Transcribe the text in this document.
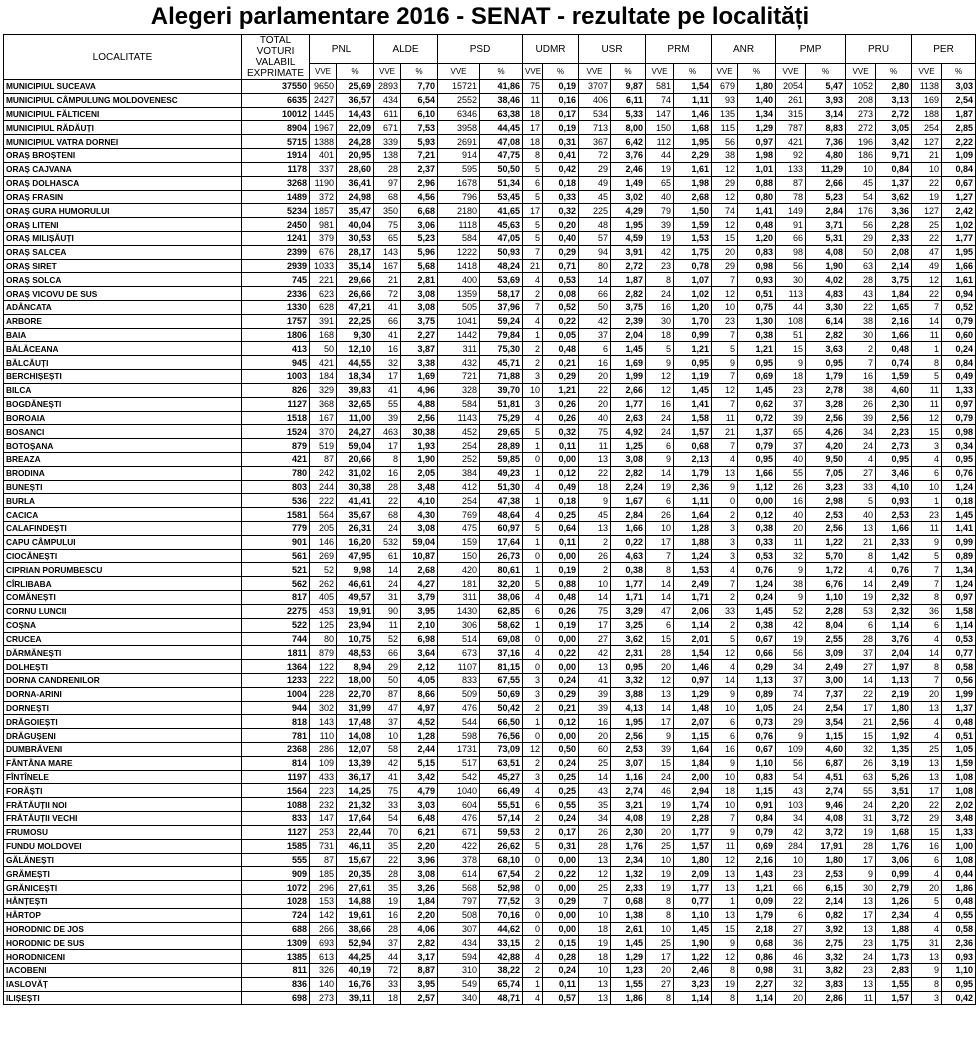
Alegeri parlamentare 2016 - SENAT - rezultate pe localități
LOCALITATE	TOTAL
VOTURI
VALABIL
EXPRIMATE	PNL		ALDE		PSD		UDMR		USR		PRM		ANR		PMP		PRU		PER	
		VVE	%	VVE	%	VVE	%	VVE	%	VVE	%	VVE	%	VVE	%	VVE	%	VVE	%	VVE	%
MUNICIPIUL SUCEAVA	37550	9650	25,69	2893	7,70	15721	41,86	75	0,19	3707	9,87	581	1,54	679	1,80	2054	5,47	1052	2,80	1138	3,03
MUNICIPIUL CÂMPULUNG MOLDOVENESC	6635	2427	36,57	434	6,54	2552	38,46	11	0,16	406	6,11	74	1,11	93	1,40	261	3,93	208	3,13	169	2,54
MUNICIPIUL FĂLTICENI	10012	1445	14,43	611	6,10	6346	63,38	18	0,17	534	5,33	147	1,46	135	1,34	315	3,14	273	2,72	188	1,87
MUNICIPIUL RĂDĂUȚI	8904	1967	22,09	671	7,53	3958	44,45	17	0,19	713	8,00	150	1,68	115	1,29	787	8,83	272	3,05	254	2,85
MUNICIPIUL VATRA DORNEI	5715	1388	24,28	339	5,93	2691	47,08	18	0,31	367	6,42	112	1,95	56	0,97	421	7,36	196	3,42	127	2,22
ORAȘ BROȘTENI	1914	401	20,95	138	7,21	914	47,75	8	0,41	72	3,76	44	2,29	38	1,98	92	4,80	186	9,71	21	1,09
ORAȘ CAJVANA	1178	337	28,60	28	2,37	595	50,50	5	0,42	29	2,46	19	1,61	12	1,01	133	11,29	10	0,84	10	0,84
ORAȘ DOLHASCA	3268	1190	36,41	97	2,96	1678	51,34	6	0,18	49	1,49	65	1,98	29	0,88	87	2,66	45	1,37	22	0,67
ORAȘ FRASIN	1489	372	24,98	68	4,56	796	53,45	5	0,33	45	3,02	40	2,68	12	0,80	78	5,23	54	3,62	19	1,27
ORAȘ GURA HUMORULUI	5234	1857	35,47	350	6,68	2180	41,65	17	0,32	225	4,29	79	1,50	74	1,41	149	2,84	176	3,36	127	2,42
ORAȘ LITENI	2450	981	40,04	75	3,06	1118	45,63	5	0,20	48	1,95	39	1,59	12	0,48	91	3,71	56	2,28	25	1,02
ORAȘ MILIȘĂUȚI	1241	379	30,53	65	5,23	584	47,05	5	0,40	57	4,59	19	1,53	15	1,20	66	5,31	29	2,33	22	1,77
ORAȘ SALCEA	2399	676	28,17	143	5,96	1222	50,93	7	0,29	94	3,91	42	1,75	20	0,83	98	4,08	50	2,08	47	1,95
ORAȘ SIRET	2939	1033	35,14	167	5,68	1418	48,24	21	0,71	80	2,72	23	0,78	29	0,98	56	1,90	63	2,14	49	1,66
ORAȘ SOLCA	745	221	29,66	21	2,81	400	53,69	4	0,53	14	1,87	8	1,07	7	0,93	30	4,02	28	3,75	12	1,61
ORAȘ VICOVU DE SUS	2336	623	26,66	72	3,08	1359	58,17	2	0,08	66	2,82	24	1,02	12	0,51	113	4,83	43	1,84	22	0,94
ADÂNCATA	1330	628	47,21	41	3,08	505	37,96	7	0,52	50	3,75	16	1,20	10	0,75	44	3,30	22	1,65	7	0,52
ARBORE	1757	391	22,25	66	3,75	1041	59,24	4	0,22	42	2,39	30	1,70	23	1,30	108	6,14	38	2,16	14	0,79
BAIA	1806	168	9,30	41	2,27	1442	79,84	1	0,05	37	2,04	18	0,99	7	0,38	51	2,82	30	1,66	11	0,60
BĂLĂCEANA	413	50	12,10	16	3,87	311	75,30	2	0,48	6	1,45	5	1,21	5	1,21	15	3,63	2	0,48	1	0,24
BĂLCĂUȚI	945	421	44,55	32	3,38	432	45,71	2	0,21	16	1,69	9	0,95	9	0,95	9	0,95	7	0,74	8	0,84
BERCHIȘEȘTI	1003	184	18,34	17	1,69	721	71,88	3	0,29	20	1,99	12	1,19	7	0,69	18	1,79	16	1,59	5	0,49
BILCA	826	329	39,83	41	4,96	328	39,70	10	1,21	22	2,66	12	1,45	12	1,45	23	2,78	38	4,60	11	1,33
BOGDĂNEȘTI	1127	368	32,65	55	4,88	584	51,81	3	0,26	20	1,77	16	1,41	7	0,62	37	3,28	26	2,30	11	0,97
BOROAIA	1518	167	11,00	39	2,56	1143	75,29	4	0,26	40	2,63	24	1,58	11	0,72	39	2,56	39	2,56	12	0,79
BOSANCI	1524	370	24,27	463	30,38	452	29,65	5	0,32	75	4,92	24	1,57	21	1,37	65	4,26	34	2,23	15	0,98
BOTOȘANA	879	519	59,04	17	1,93	254	28,89	1	0,11	11	1,25	6	0,68	7	0,79	37	4,20	24	2,73	3	0,34
BREAZA	421	87	20,66	8	1,90	252	59,85	0	0,00	13	3,08	9	2,13	4	0,95	40	9,50	4	0,95	4	0,95
BRODINA	780	242	31,02	16	2,05	384	49,23	1	0,12	22	2,82	14	1,79	13	1,66	55	7,05	27	3,46	6	0,76
BUNEȘTI	803	244	30,38	28	3,48	412	51,30	4	0,49	18	2,24	19	2,36	9	1,12	26	3,23	33	4,10	10	1,24
BURLA	536	222	41,41	22	4,10	254	47,38	1	0,18	9	1,67	6	1,11	0	0,00	16	2,98	5	0,93	1	0,18
CACICA	1581	564	35,67	68	4,30	769	48,64	4	0,25	45	2,84	26	1,64	2	0,12	40	2,53	40	2,53	23	1,45
CALAFINDEȘTI	779	205	26,31	24	3,08	475	60,97	5	0,64	13	1,66	10	1,28	3	0,38	20	2,56	13	1,66	11	1,41
CAPU CÂMPULUI	901	146	16,20	532	59,04	159	17,64	1	0,11	2	0,22	17	1,88	3	0,33	11	1,22	21	2,33	9	0,99
CIOCĂNEȘTI	561	269	47,95	61	10,87	150	26,73	0	0,00	26	4,63	7	1,24	3	0,53	32	5,70	8	1,42	5	0,89
CIPRIAN PORUMBESCU	521	52	9,98	14	2,68	420	80,61	1	0,19	2	0,38	8	1,53	4	0,76	9	1,72	4	0,76	7	1,34
CÎRLIBABA	562	262	46,61	24	4,27	181	32,20	5	0,88	10	1,77	14	2,49	7	1,24	38	6,76	14	2,49	7	1,24
COMĂNEȘTI	817	405	49,57	31	3,79	311	38,06	4	0,48	14	1,71	14	1,71	2	0,24	9	1,10	19	2,32	8	0,97
CORNU LUNCII	2275	453	19,91	90	3,95	1430	62,85	6	0,26	75	3,29	47	2,06	33	1,45	52	2,28	53	2,32	36	1,58
COȘNA	522	125	23,94	11	2,10	306	58,62	1	0,19	17	3,25	6	1,14	2	0,38	42	8,04	6	1,14	6	1,14
CRUCEA	744	80	10,75	52	6,98	514	69,08	0	0,00	27	3,62	15	2,01	5	0,67	19	2,55	28	3,76	4	0,53
DĂRMĂNEȘTI	1811	879	48,53	66	3,64	673	37,16	4	0,22	42	2,31	28	1,54	12	0,66	56	3,09	37	2,04	14	0,77
DOLHEȘTI	1364	122	8,94	29	2,12	1107	81,15	0	0,00	13	0,95	20	1,46	4	0,29	34	2,49	27	1,97	8	0,58
DORNA CANDRENILOR	1233	222	18,00	50	4,05	833	67,55	3	0,24	41	3,32	12	0,97	14	1,13	37	3,00	14	1,13	7	0,56
DORNA-ARINI	1004	228	22,70	87	8,66	509	50,69	3	0,29	39	3,88	13	1,29	9	0,89	74	7,37	22	2,19	20	1,99
DORNEȘTI	944	302	31,99	47	4,97	476	50,42	2	0,21	39	4,13	14	1,48	10	1,05	24	2,54	17	1,80	13	1,37
DRĂGOIEȘTI	818	143	17,48	37	4,52	544	66,50	1	0,12	16	1,95	17	2,07	6	0,73	29	3,54	21	2,56	4	0,48
DRĂGUȘENI	781	110	14,08	10	1,28	598	76,56	0	0,00	20	2,56	9	1,15	6	0,76	9	1,15	15	1,92	4	0,51
DUMBRĂVENI	2368	286	12,07	58	2,44	1731	73,09	12	0,50	60	2,53	39	1,64	16	0,67	109	4,60	32	1,35	25	1,05
FÂNTÂNA MARE	814	109	13,39	42	5,15	517	63,51	2	0,24	25	3,07	15	1,84	9	1,10	56	6,87	26	3,19	13	1,59
FÎNTÎNELE	1197	433	36,17	41	3,42	542	45,27	3	0,25	14	1,16	24	2,00	10	0,83	54	4,51	63	5,26	13	1,08
FORĂȘTI	1564	223	14,25	75	4,79	1040	66,49	4	0,25	43	2,74	46	2,94	18	1,15	43	2,74	55	3,51	17	1,08
FRĂTĂUȚII NOI	1088	232	21,32	33	3,03	604	55,51	6	0,55	35	3,21	19	1,74	10	0,91	103	9,46	24	2,20	22	2,02
FRĂTĂUȚII VECHI	833	147	17,64	54	6,48	476	57,14	2	0,24	34	4,08	19	2,28	7	0,84	34	4,08	31	3,72	29	3,48
FRUMOSU	1127	253	22,44	70	6,21	671	59,53	2	0,17	26	2,30	20	1,77	9	0,79	42	3,72	19	1,68	15	1,33
FUNDU MOLDOVEI	1585	731	46,11	35	2,20	422	26,62	5	0,31	28	1,76	25	1,57	11	0,69	284	17,91	28	1,76	16	1,00
GĂLĂNEȘTI	555	87	15,67	22	3,96	378	68,10	0	0,00	13	2,34	10	1,80	12	2,16	10	1,80	17	3,06	6	1,08
GRĂMEȘTI	909	185	20,35	28	3,08	614	67,54	2	0,22	12	1,32	19	2,09	13	1,43	23	2,53	9	0,99	4	0,44
GRĂNICEȘTI	1072	296	27,61	35	3,26	568	52,98	0	0,00	25	2,33	19	1,77	13	1,21	66	6,15	30	2,79	20	1,86
HÂNȚEȘTI	1028	153	14,88	19	1,84	797	77,52	3	0,29	7	0,68	8	0,77	1	0,09	22	2,14	13	1,26	5	0,48
HÂRTOP	724	142	19,61	16	2,20	508	70,16	0	0,00	10	1,38	8	1,10	13	1,79	6	0,82	17	2,34	4	0,55
HORODNIC DE JOS	688	266	38,66	28	4,06	307	44,62	0	0,00	18	2,61	10	1,45	15	2,18	27	3,92	13	1,88	4	0,58
HORODNIC DE SUS	1309	693	52,94	37	2,82	434	33,15	2	0,15	19	1,45	25	1,90	9	0,68	36	2,75	23	1,75	31	2,36
HORODNICENI	1385	613	44,25	44	3,17	594	42,88	4	0,28	18	1,29	17	1,22	12	0,86	46	3,32	24	1,73	13	0,93
IACOBENI	811	326	40,19	72	8,87	310	38,22	2	0,24	10	1,23	20	2,46	8	0,98	31	3,82	23	2,83	9	1,10
IASLOVĂȚ	836	140	16,76	33	3,95	549	65,74	1	0,11	13	1,55	27	3,23	19	2,27	32	3,83	13	1,55	8	0,95
ILIȘEȘTI	698	273	39,11	18	2,57	340	48,71	4	0,57	13	1,86	8	1,14	8	1,14	20	2,86	11	1,57	3	0,42
